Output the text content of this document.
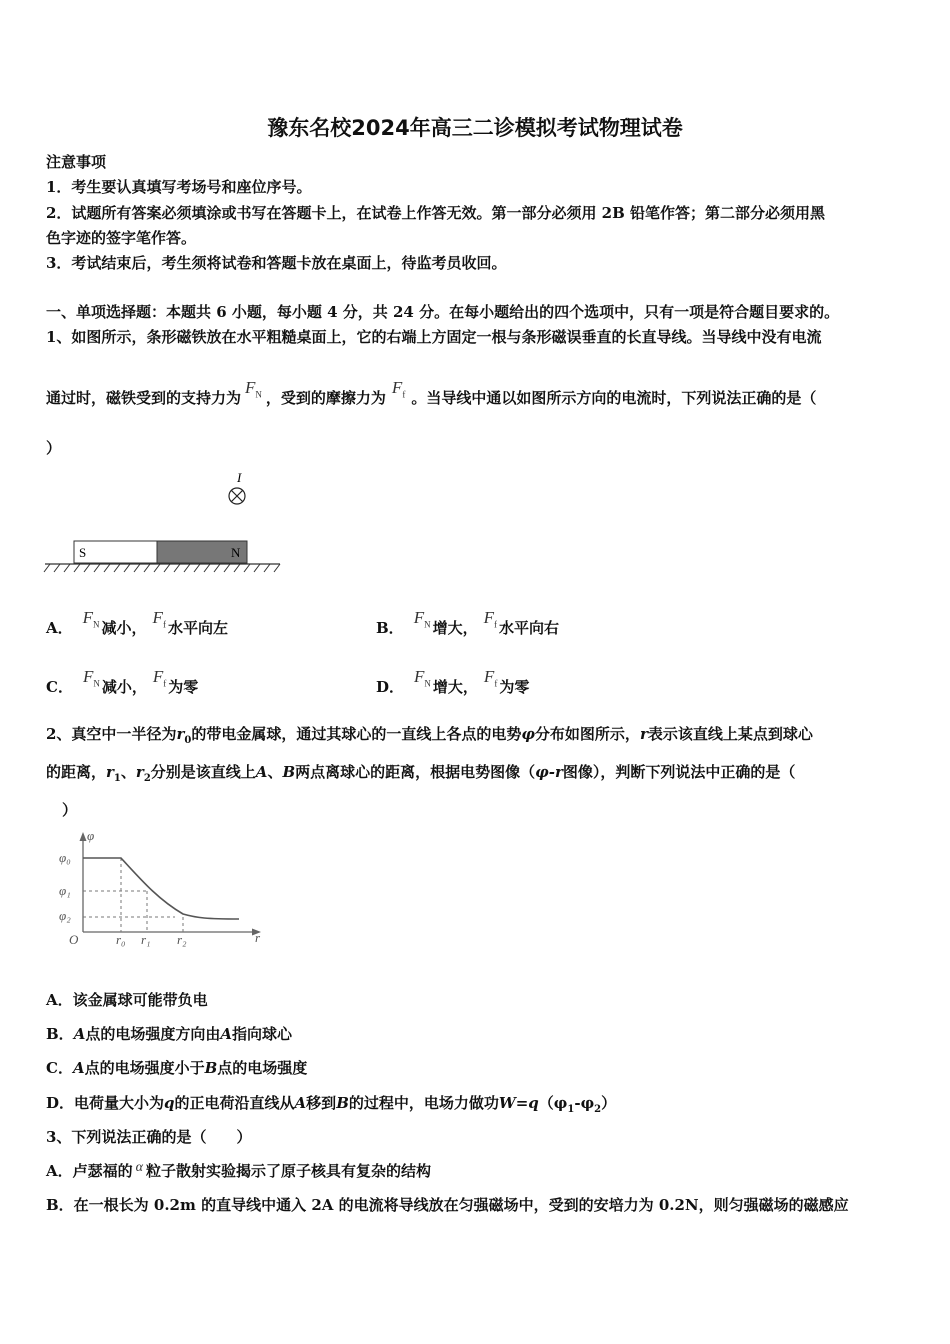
豫东名校2024年高三二诊模拟考试物理试卷
注意事项
1．考生要认真填写考场号和座位序号。
2．试题所有答案必须填涂或书写在答题卡上，在试卷上作答无效。第一部分必须用 2B 铅笔作答；第二部分必须用黑
色字迹的签字笔作答。
3．考试结束后，考生须将试卷和答题卡放在桌面上，待监考员收回。
一、单项选择题：本题共 6 小题，每小题 4 分，共 24 分。在每小题给出的四个选项中，只有一项是符合题目要求的。
1、如图所示，条形磁铁放在水平粗糙桌面上，它的右端上方固定一根与条形磁误垂直的长直导线。当导线中没有电流
通过时，磁铁受到的支持力为$F_N$ ，受到的摩擦力为$F_f$ 。当导线中通以如图所示方向的电流时，下列说法正确的是（
）
I
S	N
A．$F_N$ 减小，$F_f$ 水平向左	B．$F_N$ 增大，$F_f$ 水平向右
C．$F_N$ 减小，$F_f$ 为零	D．$F_N$ 增大，$F_f$ 为零
2、真空中一半径为$r_0$的带电金属球，通过其球心的一直线上各点的电势φ分布如图所示，r表示该直线上某点到球心
的距离，$r_1$、$r_2$分别是该直线上A、B两点离球心的距离，根据电势图像（φ-r图像），判断下列说法中正确的是（
）
φ
φ₀
φ₁
φ₂
O	r₀ r₁ r₂	r
A．该金属球可能带负电
B．A点的电场强度方向由A指向球心
C．A点的电场强度小于B点的电场强度
D．电荷量大小为q的正电荷沿直线从A移到B的过程中，电场力做功$W=q(\varphi_1-\varphi_2)$
3、下列说法正确的是（　　）
A．卢瑟福的 α 粒子散射实验揭示了原子核具有复杂的结构
B．在一根长为 0.2m 的直导线中通入 2A 的电流将导线放在匀强磁场中，受到的安培力为 0.2N，则匀强磁场的磁感应
